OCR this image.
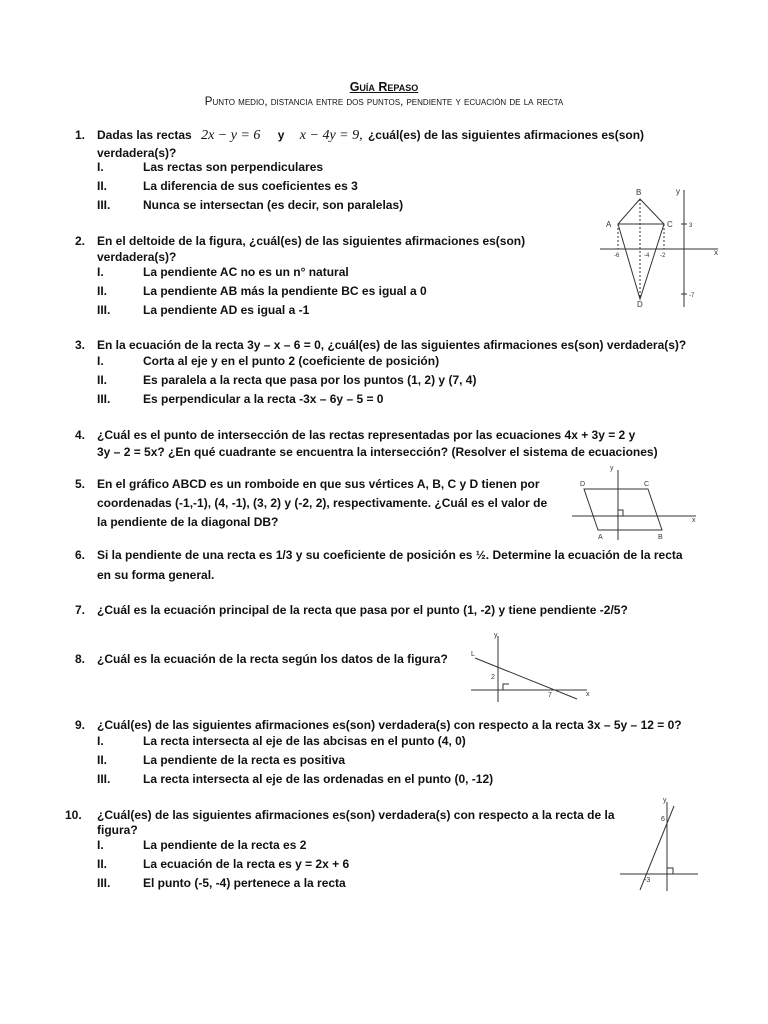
Guía Repaso
Punto medio, distancia entre dos puntos, pendiente y ecuación de la recta
1. Dadas las rectas 2x − y = 6 y x − 4y = 9, ¿cuál(es) de las siguientes afirmaciones es(son)
verdadera(s)?
I.	Las rectas son perpendiculares
II.	La diferencia de sus coeficientes es 3
III.	Nunca se intersectan (es decir, son paralelas)
2. En el deltoide de la figura, ¿cuál(es) de las siguientes afirmaciones es(son)
verdadera(s)?
I.	La pendiente AC no es un n° natural
II.	La pendiente AB más la pendiente BC es igual a 0
III.	La pendiente AD es igual a -1
B
A	C
D
y
x
-6	-4 -2
3
-7
3. En la ecuación de la recta 3y – x – 6 = 0, ¿cuál(es) de las siguientes afirmaciones es(son) verdadera(s)?
I.	Corta al eje y en el punto 2 (coeficiente de posición)
II.	Es paralela a la recta que pasa por los puntos (1, 2) y (7, 4)
III.	Es perpendicular a la recta -3x – 6y – 5 = 0
4. ¿Cuál es el punto de intersección de las rectas representadas por las ecuaciones 4x + 3y = 2 y
3y – 2 = 5x? ¿En qué cuadrante se encuentra la intersección? (Resolver el sistema de ecuaciones)
5. En el gráfico ABCD es un romboide en que sus vértices A, B, C y D tienen por
coordenadas (-1,-1), (4, -1), (3, 2) y (-2, 2), respectivamente. ¿Cuál es el valor de
la pendiente de la diagonal DB?
y
x
D	C
A	B
6. Si la pendiente de una recta es 1/3 y su coeficiente de posición es ½. Determine la ecuación de la recta
en su forma general.
7. ¿Cuál es la ecuación principal de la recta que pasa por el punto (1, -2) y tiene pendiente -2/5?
8. ¿Cuál es la ecuación de la recta según los datos de la figura?
y
x
L
2
7
9. ¿Cuál(es) de las siguientes afirmaciones es(son) verdadera(s) con respecto a la recta 3x – 5y – 12 = 0?
I.	La recta intersecta al eje de las abcisas en el punto (4, 0)
II.	La pendiente de la recta es positiva
III.	La recta intersecta al eje de las ordenadas en el punto (0, -12)
10.	¿Cuál(es) de las siguientes afirmaciones es(son) verdadera(s) con respecto a la recta de la
figura?
I.	La pendiente de la recta es 2
II.	La ecuación de la recta es y = 2x + 6
III.	El punto (-5, -4) pertenece a la recta
y
6
-3
